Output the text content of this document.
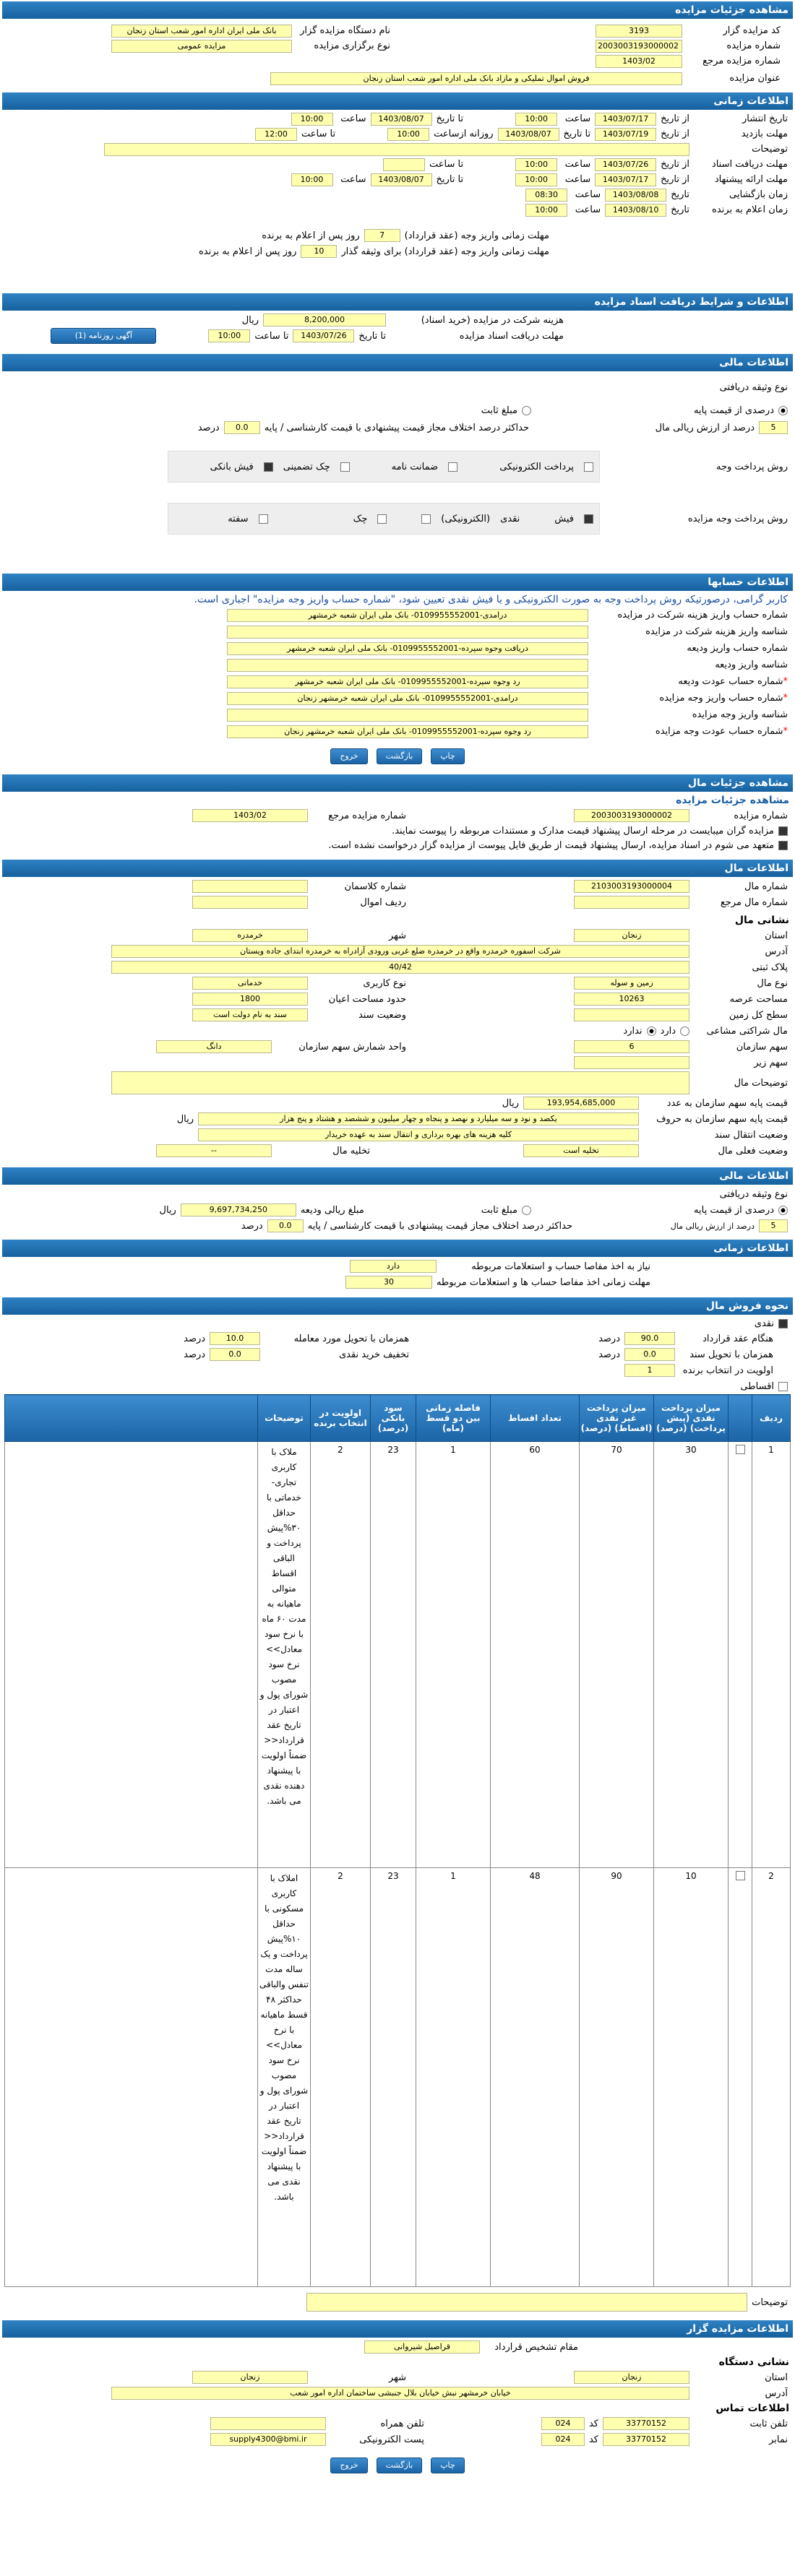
مشاهده جزئیات مزایده
کد مزایده گزار
3193
شماره مزایده
2003003193000002
شماره مزایده مرجع
1403/02
نام دستگاه مزایده گزار
بانک ملی ایران اداره امور شعب استان زنجان
نوع برگزاری مزایده
مزایده عمومی
عنوان مزایده
فروش اموال تملیکی و مازاد بانک ملی اداره امور شعب استان زنجان
اطلاعات زمانی
تاریخ انتشار
از تاریخ
1403/07/17
ساعت
10:00
تا تاریخ
1403/08/07
ساعت
10:00
مهلت بازدید
از تاریخ
1403/07/19
تا تاریخ
1403/08/07
روزانه ازساعت
10:00
تا ساعت
12:00
توضیحات
مهلت دریافت اسناد
از تاریخ
1403/07/26
ساعت
10:00
تا ساعت
مهلت ارائه پیشنهاد
از تاریخ
1403/07/17
ساعت
10:00
تا تاریخ
1403/08/07
ساعت
10:00
زمان بازگشایی
تاریخ
1403/08/08
ساعت
08:30
زمان اعلام به برنده
تاریخ
1403/08/10
ساعت
10:00
مهلت زمانی واریز وجه (عقد قرارداد)
7
روز پس از اعلام به برنده
مهلت زمانی واریز وجه (عقد قرارداد) برای وثیقه گذار
10
روز پس از اعلام به برنده
اطلاعات و شرایط دریافت اسناد مزایده
هزینه شرکت در مزایده (خرید اسناد)
8,200,000
ریال
مهلت دریافت اسناد مزایده
تا تاریخ
1403/07/26
تا ساعت
10:00
آگهی روزنامه (1)
اطلاعات مالی
نوع وثیقه دریافتی
درصدی از قیمت پایه
مبلغ ثابت
5
درصد از ارزش ریالی مال
حداکثر درصد اختلاف مجاز قیمت پیشنهادی با قیمت کارشناسی / پایه
0.0
درصد
روش پرداخت وجه
پرداخت الکترونیکی
ضمانت نامه
چک تضمینی
فیش بانکی
روش پرداخت وجه مزایده
فیش
نقدی
(الکترونیکی)
چک
سفته
اطلاعات حسابها
کاربر گرامی، درصورتیکه روش پرداخت وجه به صورت الکترونیکی و یا فیش نقدی تعیین شود، "شماره حساب واریز وجه مزایده" اجباری است.
شماره حساب واریز هزینه شرکت در مزایده
درامدی-0109955552001- بانک ملی ایران شعبه خرمشهر
شناسه واریز هزینه شرکت در مزایده
شماره حساب واریز ودیعه
دریافت وجوه سپرده-0109955552001- بانک ملی ایران شعبه خرمشهر
شناسه واریز ودیعه
*شماره حساب عودت ودیعه
رد وجوه سپرده-0109955552001- بانک ملی ایران شعبه خرمشهر
*شماره حساب واریز وجه مزایده
درامدی-0109955552001- بانک ملی ایران شعبه خرمشهر زنجان
شناسه واریز وجه مزایده
*شماره حساب عودت وجه مزایده
رد وجوه سپرده-0109955552001- بانک ملی ایران شعبه خرمشهر زنجان
چاپ
بازگشت
خروج
مشاهده جزئیات مال
مشاهده جزئیات مزایده
شماره مزایده
2003003193000002
شماره مزایده مرجع
1403/02
مزایده گران میبایست در مرحله ارسال پیشنهاد قیمت مدارک و مستندات مربوطه را پیوست نمایند.
متعهد می شوم در اسناد مزایده، ارسال پیشنهاد قیمت از طریق فایل پیوست از مزایده گزار درخواست نشده است.
اطلاعات مال
شماره مال
2103003193000004
شماره کلاسمان
شماره مال مرجع
ردیف اموال
نشانی مال
استان
زنجان
شهر
خرمدره
آدرس
شرکت اسفوره خرمدره واقع در خرمدره ضلع غربی ورودی آزادراه به خرمدره ابتدای جاده ویستان
پلاک ثبتی
40/42
نوع مال
زمین و سوله
نوع کاربری
خدماتی
مساحت عرصه
10263
حدود مساحت اعیان
1800
سطح کل زمین
وضعیت سند
سند به نام دولت است
مال شراکتی مشاعی
دارد
ندارد
سهم سازمان
6
واحد شمارش سهم سازمان
دانگ
سهم زیر
توضیحات مال
قیمت پایه سهم سازمان به عدد
193,954,685,000
ریال
قیمت پایه سهم سازمان به حروف
یکصد و نود و سه میلیارد و نهصد و پنجاه و چهار میلیون و ششصد و هشتاد و پنج هزار
ریال
وضعیت انتقال سند
کلیه هزینه های بهره برداری و انتقال سند به عهده خریدار
وضعیت فعلی مال
تخلیه است
تخلیه مال
--
اطلاعات مالی
نوع وثیقه دریافتی
درصدی از قیمت پایه
مبلغ ثابت
مبلغ ریالی ودیعه
9,697,734,250
ریال
5
درصد از ارزش ریالی مال
حداکثر درصد اختلاف مجاز قیمت پیشنهادی با قیمت کارشناسی / پایه
0.0
درصد
اطلاعات زمانی
نیاز به اخذ مفاصا حساب و استعلامات مربوطه
دارد
مهلت زمانی اخذ مفاصا حساب ها و استعلامات مربوطه
30
نحوه فروش مال
نقدی
هنگام عقد قرارداد
90.0
درصد
همزمان با تحویل مورد معامله
10.0
درصد
همزمان با تحویل سند
0.0
درصد
تخفیف خرید نقدی
0.0
درصد
اولویت در انتخاب برنده
1
اقساطی
ردیف		میزان پرداخت نقدی (پیش پرداخت) (درصد)	میزان پرداخت غیر نقدی (اقساط) (درصد)	تعداد اقساط	فاصله زمانی بین دو قسط (ماه)	سود بانکی (درصد)	اولویت در انتخاب برنده	توضیحات	
1		30	70	60	1	23	2	ملاک با کاربری تجاری-خدماتی با حداقل ۳۰%پیش پرداخت و الباقی اقساط متوالی ماهیانه به مدت ۶۰ ماه با نرخ سود معادل>> نرخ سود مصوب شورای پول و اعتبار در تاریخ عقد قرارداد<< ضمناً اولویت با پیشنهاد دهنده نقدی می باشد.	
2		10	90	48	1	23	2	املاک با کاربری مسکونی با حداقل ۱۰%پیش پرداخت و یک ساله مدت تنفس والباقی حداکثر ۴۸ قسط ماهیانه با نرخ معادل>> نرخ سود مصوب شورای پول و اعتبار در تاریخ عقد قرارداد<< ضمناً اولویت با پیشنهاد نقدی می باشد.	
توضیحات
اطلاعات مزایده گزار
مقام تشخیص قرارداد
قراصیل شیروانی
نشانی دستگاه
استان
زنجان
شهر
زنجان
آدرس
خیابان خرمشهر نبش خیابان بلال جنبشی ساختمان اداره امور شعب
اطلاعات تماس
تلفن ثابت
33770152
کد
024
تلفن همراه
نمابر
33770152
کد
024
پست الکترونیکی
supply4300@bmi.ir
چاپ
بازگشت
خروج
